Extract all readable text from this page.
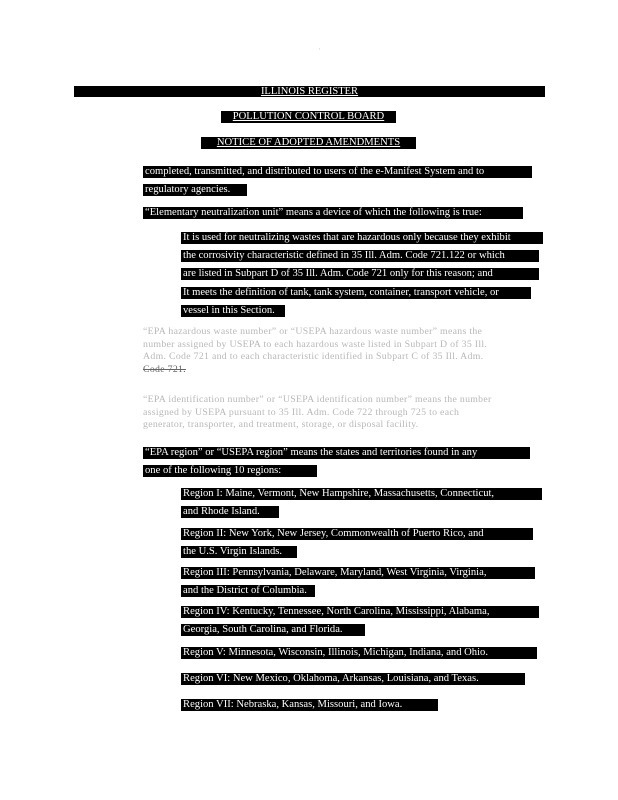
·
ILLINOIS REGISTER
POLLUTION CONTROL BOARD
NOTICE OF ADOPTED AMENDMENTS
completed, transmitted, and distributed to users of the e-Manifest System and to regulatory agencies.
“Elementary neutralization unit” means a device of which the following is true:
It is used for neutralizing wastes that are hazardous only because they exhibit the corrosivity characteristic defined in 35 Ill. Adm. Code 721.122 or which are listed in Subpart D of 35 Ill. Adm. Code 721 only for this reason; and
It meets the definition of tank, tank system, container, transport vehicle, or vessel in this Section.
“EPA hazardous waste number” or “USEPA hazardous waste number” means the
number assigned by USEPA to each hazardous waste listed in Subpart D of 35 Ill.
Adm. Code 721 and to each characteristic identified in Subpart C of 35 Ill. Adm.
Code 721.
“EPA identification number” or “USEPA identification number” means the number
assigned by USEPA pursuant to 35 Ill. Adm. Code 722 through 725 to each
generator, transporter, and treatment, storage, or disposal facility.
“EPA region” or “USEPA region” means the states and territories found in any one of the following 10 regions:
Region I: Maine, Vermont, New Hampshire, Massachusetts, Connecticut, and Rhode Island.
Region II: New York, New Jersey, Commonwealth of Puerto Rico, and the U.S. Virgin Islands.
Region III: Pennsylvania, Delaware, Maryland, West Virginia, Virginia, and the District of Columbia.
Region IV: Kentucky, Tennessee, North Carolina, Mississippi, Alabama, Georgia, South Carolina, and Florida.
Region V: Minnesota, Wisconsin, Illinois, Michigan, Indiana, and Ohio.
Region VI: New Mexico, Oklahoma, Arkansas, Louisiana, and Texas.
Region VII: Nebraska, Kansas, Missouri, and Iowa.
